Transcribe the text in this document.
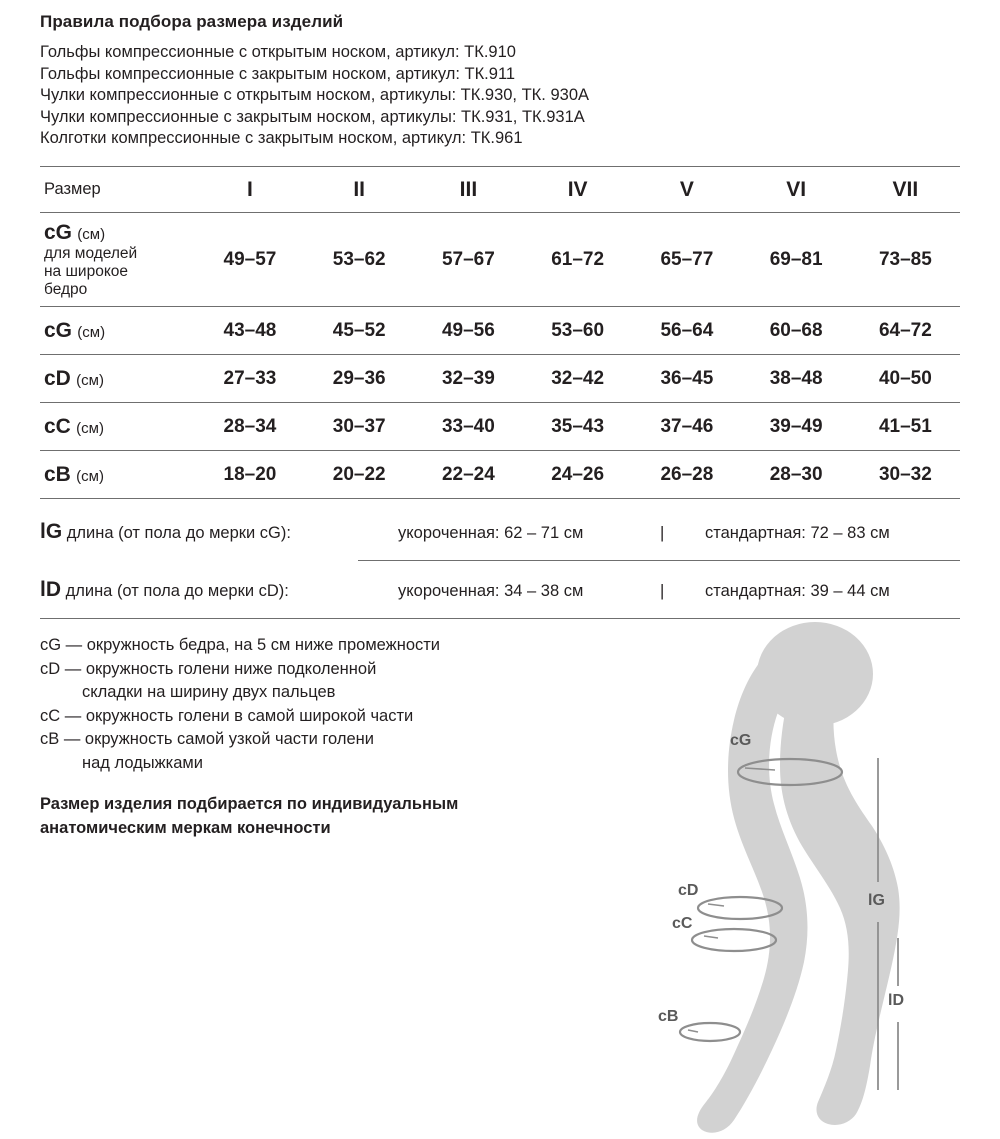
Правила подбора размера изделий
Гольфы компрессионные с открытым носком, артикул: ТК.910
Гольфы компрессионные с закрытым носком, артикул: ТК.911
Чулки компрессионные с открытым носком, артикулы: ТК.930, ТК. 930А
Чулки компрессионные с закрытым носком, артикулы: ТК.931, ТК.931А
Колготки компрессионные с закрытым носком, артикул: ТК.961
Размер	I	II	III	IV	V	VI	VII
cG (см)
для моделей
на широкое
бедро	49–57	53–62	57–67	61–72	65–77	69–81	73–85
cG (см)	43–48	45–52	49–56	53–60	56–64	60–68	64–72
cD (см)	27–33	29–36	32–39	32–42	36–45	38–48	40–50
cC (см)	28–34	30–37	33–40	35–43	37–46	39–49	41–51
cB (см)	18–20	20–22	22–24	24–26	26–28	28–30	30–32
lG длина (от пола до мерки cG):	укороченная: 62 – 71 см	| стандартная: 72 – 83 см
lD длина (от пола до мерки cD):	укороченная: 34 – 38 см	| стандартная: 39 – 44 см
cG — окружность бедра, на 5 см ниже промежности
cD — окружность голени ниже подколенной
складки на ширину двух пальцев
cC — окружность голени в самой широкой части
cB — окружность самой узкой части голени
над лодыжками
Размер изделия подбирается по индивидуальным
анатомическим меркам конечности
cG
cD
cC
cB
lG
lD
